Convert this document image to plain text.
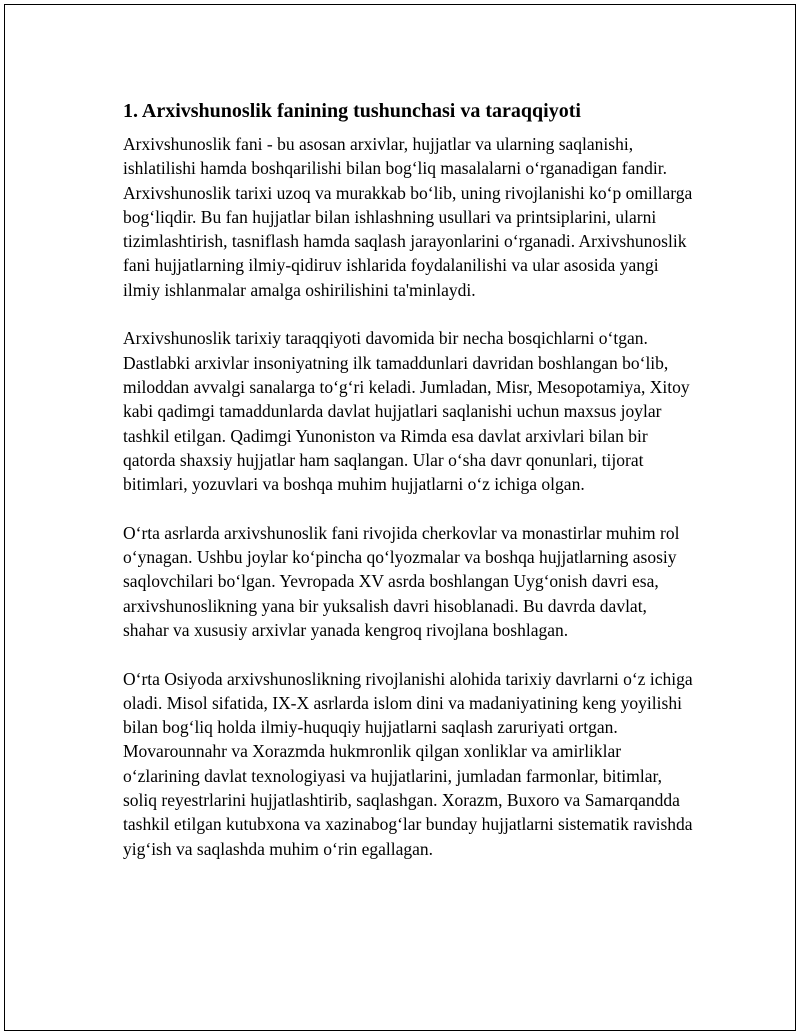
1. Arxivshunoslik fanining tushunchasi va taraqqiyoti

Arxivshunoslik fani - bu asosan arxivlar, hujjatlar va ularning saqlanishi, ishlatilishi hamda boshqarilishi bilan bog‘liq masalalarni o‘rganadigan fandir. Arxivshunoslik tarixi uzoq va murakkab bo‘lib, uning rivojlanishi ko‘p omillarga bog‘liqdir. Bu fan hujjatlar bilan ishlashning usullari va printsiplarini, ularni tizimlashtirish, tasniflash hamda saqlash jarayonlarini o‘rganadi. Arxivshunoslik fani hujjatlarning ilmiy-qidiruv ishlarida foydalanilishi va ular asosida yangi ilmiy ishlanmalar amalga oshirilishini ta'minlaydi.

Arxivshunoslik tarixiy taraqqiyoti davomida bir necha bosqichlarni o‘tgan. Dastlabki arxivlar insoniyatning ilk tamaddunlari davridan boshlangan bo‘lib, miloddan avvalgi sanalarga to‘g‘ri keladi. Jumladan, Misr, Mesopotamiya, Xitoy kabi qadimgi tamaddunlarda davlat hujjatlari saqlanishi uchun maxsus joylar tashkil etilgan. Qadimgi Yunoniston va Rimda esa davlat arxivlari bilan bir qatorda shaxsiy hujjatlar ham saqlangan. Ular o‘sha davr qonunlari, tijorat bitimlari, yozuvlari va boshqa muhim hujjatlarni o‘z ichiga olgan.

O‘rta asrlarda arxivshunoslik fani rivojida cherkovlar va monastirlar muhim rol o‘ynagan. Ushbu joylar ko‘pincha qo‘lyozmalar va boshqa hujjatlarning asosiy saqlovchilari bo‘lgan. Yevropada XV asrda boshlangan Uyg‘onish davri esa, arxivshunoslikning yana bir yuksalish davri hisoblanadi. Bu davrda davlat, shahar va xususiy arxivlar yanada kengroq rivojlana boshlagan.

O‘rta Osiyoda arxivshunoslikning rivojlanishi alohida tarixiy davrlarni o‘z ichiga oladi. Misol sifatida, IX-X asrlarda islom dini va madaniyatining keng yoyilishi bilan bog‘liq holda ilmiy-huquqiy hujjatlarni saqlash zaruriyati ortgan. Movarounnahr va Xorazmda hukmronlik qilgan xonliklar va amirliklar o‘zlarining davlat texnologiyasi va hujjatlarini, jumladan farmonlar, bitimlar, soliq reyestrlarini hujjatlashtirib, saqlashgan. Xorazm, Buxoro va Samarqandda tashkil etilgan kutubxona va xazinabog‘lar bunday hujjatlarni sistematik ravishda yig‘ish va saqlashda muhim o‘rin egallagan.
